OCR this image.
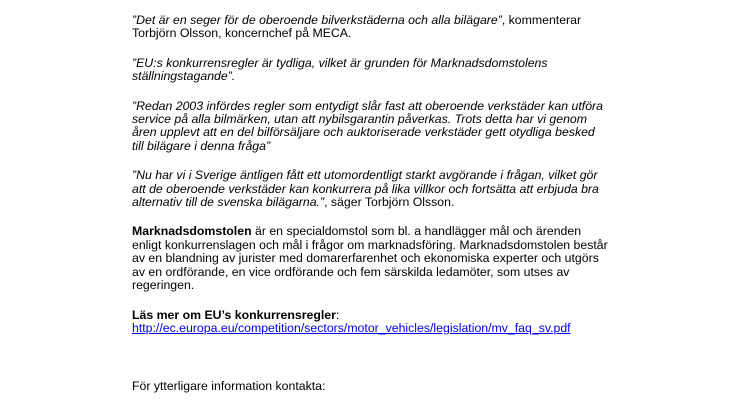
”Det är en seger för de oberoende bilverkstäderna och alla bilägare”, kommenterar
Torbjörn Olsson, koncernchef på MECA.
”EU:s konkurrensregler är tydliga, vilket är grunden för Marknadsdomstolens
ställningstagande”.
”Redan 2003 infördes regler som entydigt slår fast att oberoende verkstäder kan utföra
service på alla bilmärken, utan att nybilsgarantin påverkas. Trots detta har vi genom
åren upplevt att en del bilförsäljare och auktoriserade verkstäder gett otydliga besked
till bilägare i denna fråga”
”Nu har vi i Sverige äntligen fått ett utomordentligt starkt avgörande i frågan, vilket gör
att de oberoende verkstäder kan konkurrera på lika villkor och fortsätta att erbjuda bra
alternativ till de svenska bilägarna.”, säger Torbjörn Olsson.
Marknadsdomstolen är en specialdomstol som bl. a handlägger mål och ärenden
enligt konkurrenslagen och mål i frågor om marknadsföring. Marknadsdomstolen består
av en blandning av jurister med domarerfarenhet och ekonomiska experter och utgörs
av en ordförande, en vice ordförande och fem särskilda ledamöter, som utses av
regeringen.
Läs mer om EU’s konkurrensregler:
http://ec.europa.eu/competition/sectors/motor_vehicles/legislation/mv_faq_sv.pdf
För ytterligare information kontakta:
